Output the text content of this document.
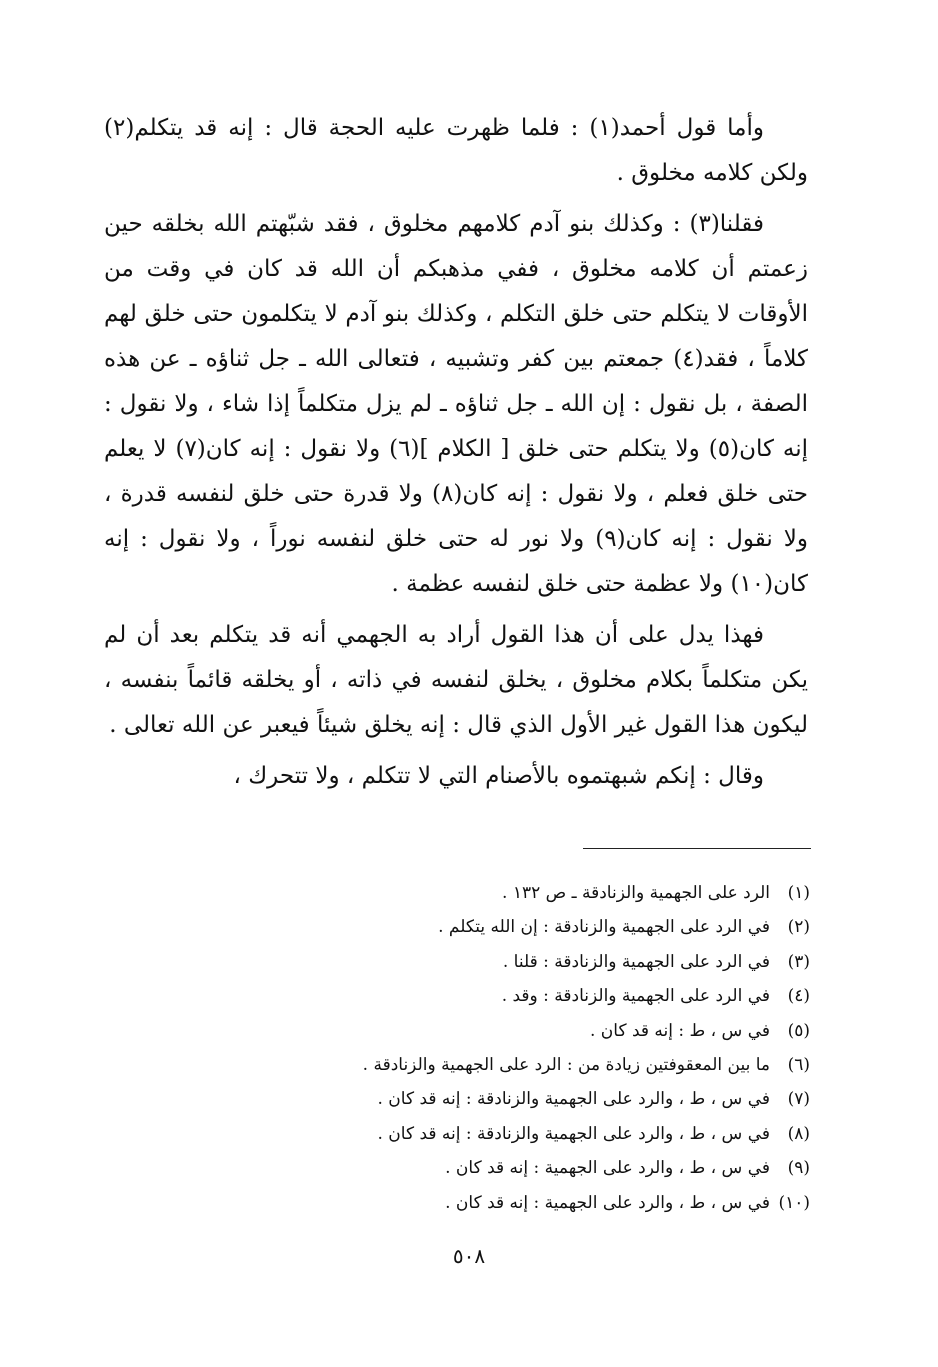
وأما قول أحمد(١) : فلما ظهرت عليه الحجة قال : إنه قد يتكلم(٢) ولكن كلامه مخلوق .

فقلنا(٣) : وكذلك بنو آدم كلامهم مخلوق ، فقد شبّهتم الله بخلقه حين زعمتم أن كلامه مخلوق ، ففي مذهبكم أن الله قد كان في وقت من الأوقات لا يتكلم حتى خلق التكلم ، وكذلك بنو آدم لا يتكلمون حتى خلق لهم كلاماً ، فقد(٤) جمعتم بين كفر وتشبيه ، فتعالى الله ـ جل ثناؤه ـ عن هذه الصفة ، بل نقول : إن الله ـ جل ثناؤه ـ لم يزل متكلماً إذا شاء ، ولا نقول : إنه كان(٥) ولا يتكلم حتى خلق [ الكلام ](٦) ولا نقول : إنه كان(٧) لا يعلم حتى خلق فعلم ، ولا نقول : إنه كان(٨) ولا قدرة حتى خلق لنفسه قدرة ، ولا نقول : إنه كان(٩) ولا نور له حتى خلق لنفسه نوراً ، ولا نقول : إنه كان(١٠) ولا عظمة حتى خلق لنفسه عظمة .

فهذا يدل على أن هذا القول أراد به الجهمي أنه قد يتكلم بعد أن لم يكن متكلماً بكلام مخلوق ، يخلق لنفسه في ذاته ، أو يخلقه قائماً بنفسه ، ليكون هذا القول غير الأول الذي قال : إنه يخلق شيئاً فيعبر عن الله تعالى .

وقال : إنكم شبهتموه بالأصنام التي لا تتكلم ، ولا تتحرك ،

(١)الرد على الجهمية والزنادقة ـ ص ١٣٢ .
(٢)في الرد على الجهمية والزنادقة : إن الله يتكلم .
(٣)في الرد على الجهمية والزنادقة : قلنا .
(٤)في الرد على الجهمية والزنادقة : وقد .
(٥)في س ، ط : إنه قد كان .
(٦)ما بين المعقوفتين زيادة من : الرد على الجهمية والزنادقة .
(٧)في س ، ط ، والرد على الجهمية والزنادقة : إنه قد كان .
(٨)في س ، ط ، والرد على الجهمية والزنادقة : إنه قد كان .
(٩)في س ، ط ، والرد على الجهمية : إنه قد كان .
(١٠)في س ، ط ، والرد على الجهمية : إنه قد كان .
٥٠٨
